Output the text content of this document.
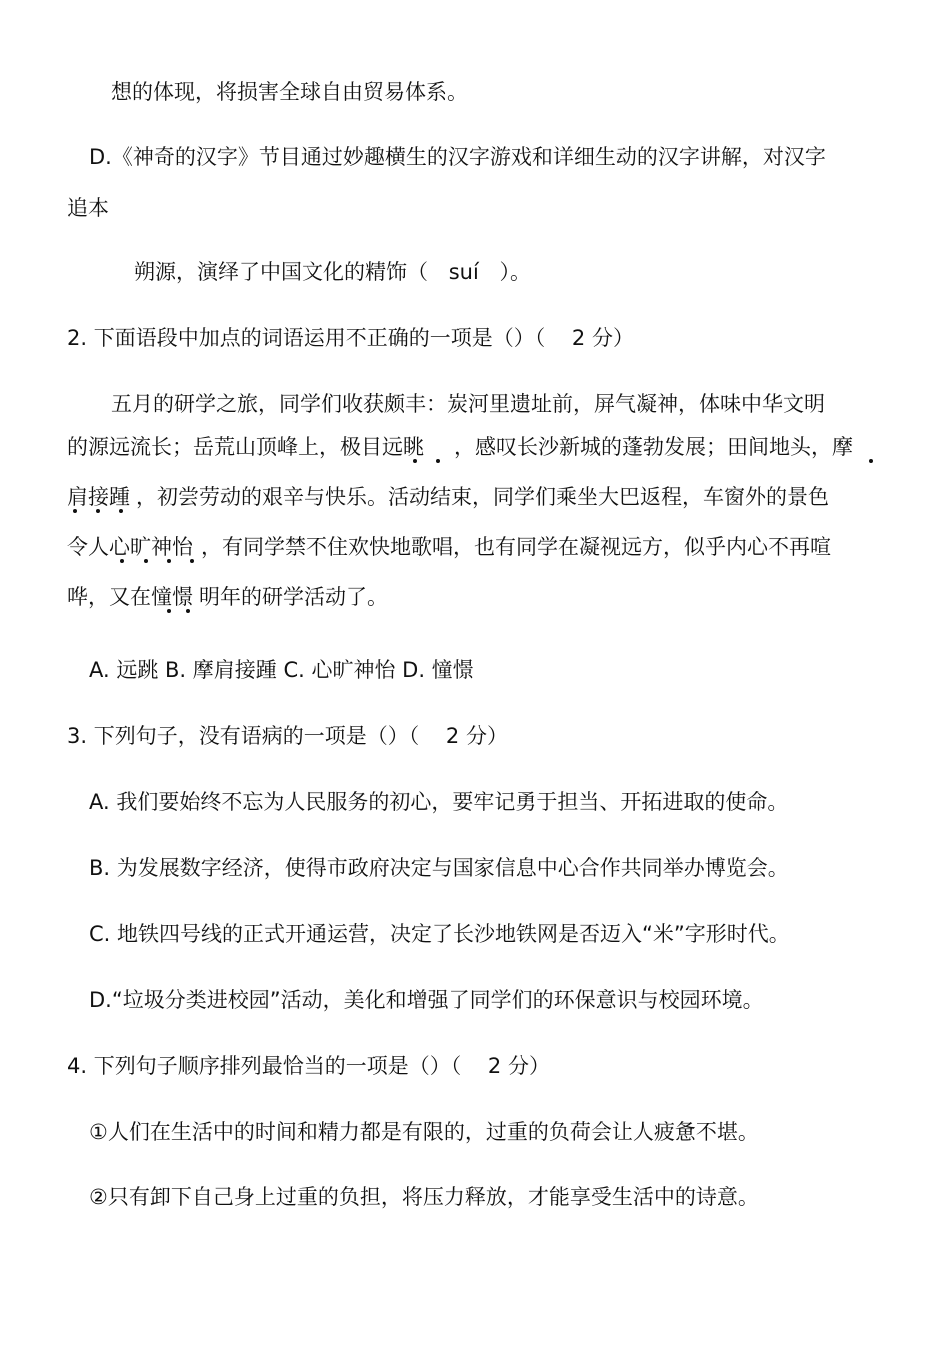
想的体现，将损害全球自由贸易体系。
D.《神奇的汉字》节目通过妙趣横生的汉字游戏和详细生动的汉字讲解，对汉字
追本
朔源，演绎了中国文化的精饰（ suí ）。
2. 下面语段中加点的词语运用不正确的一项是（）（ 2 分）
五月的研学之旅，同学们收获颇丰：炭河里遗址前，屏气凝神，体味中华文明
的源远流长；岳荒山顶峰上，极目远眺 ，感叹长沙新城的蓬勃发展；田间地头，摩
肩接踵 ，初尝劳动的艰辛与快乐。活动结束，同学们乘坐大巴返程，车窗外的景色
令人心旷神怡 ，有同学禁不住欢快地歌唱，也有同学在凝视远方，似乎内心不再喧
哗，又在憧憬 明年的研学活动了。
A. 远跳 B. 摩肩接踵 C. 心旷神怡 D. 憧憬
3. 下列句子，没有语病的一项是（）（ 2 分）
A. 我们要始终不忘为人民服务的初心，要牢记勇于担当、开拓进取的使命。
B. 为发展数字经济，使得市政府决定与国家信息中心合作共同举办博览会。
C. 地铁四号线的正式开通运营，决定了长沙地铁网是否迈入“米”字形时代。
D.“垃圾分类进校园”活动，美化和增强了同学们的环保意识与校园环境。
4. 下列句子顺序排列最恰当的一项是（）（ 2 分）
①人们在生活中的时间和精力都是有限的，过重的负荷会让人疲惫不堪。
②只有卸下自己身上过重的负担，将压力释放，才能享受生活中的诗意。
